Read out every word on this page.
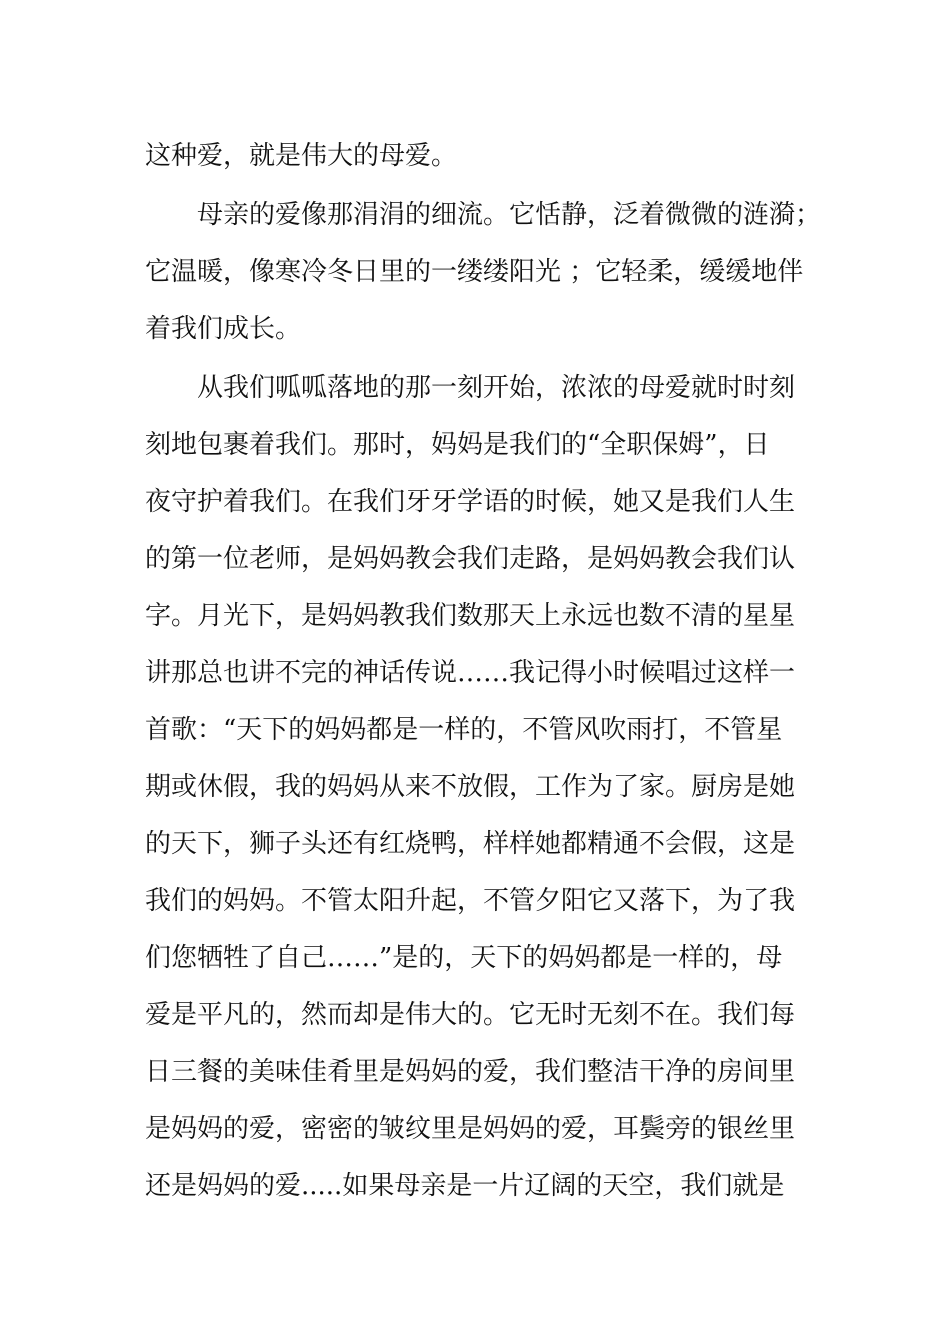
这种爱，就是伟大的母爱。
母亲的爱像那涓涓的细流。它恬静，泛着微微的涟漪；
它温暖，像寒冷冬日里的一缕缕阳光 ；它轻柔，缓缓地伴
着我们成长。
从我们呱呱落地的那一刻开始，浓浓的母爱就时时刻
刻地包裹着我们。那时，妈妈是我们的“全职保姆”，日
夜守护着我们。在我们牙牙学语的时候，她又是我们人生
的第一位老师，是妈妈教会我们走路，是妈妈教会我们认
字。月光下，是妈妈教我们数那天上永远也数不清的星星
讲那总也讲不完的神话传说……我记得小时候唱过这样一
首歌：“天下的妈妈都是一样的，不管风吹雨打，不管星
期或休假，我的妈妈从来不放假，工作为了家。厨房是她
的天下，狮子头还有红烧鸭，样样她都精通不会假，这是
我们的妈妈。不管太阳升起，不管夕阳它又落下，为了我
们您牺牲了自己……”是的，天下的妈妈都是一样的，母
爱是平凡的，然而却是伟大的。它无时无刻不在。我们每
日三餐的美味佳肴里是妈妈的爱，我们整洁干净的房间里
是妈妈的爱，密密的皱纹里是妈妈的爱，耳鬓旁的银丝里
还是妈妈的爱.....如果母亲是一片辽阔的天空，我们就是
